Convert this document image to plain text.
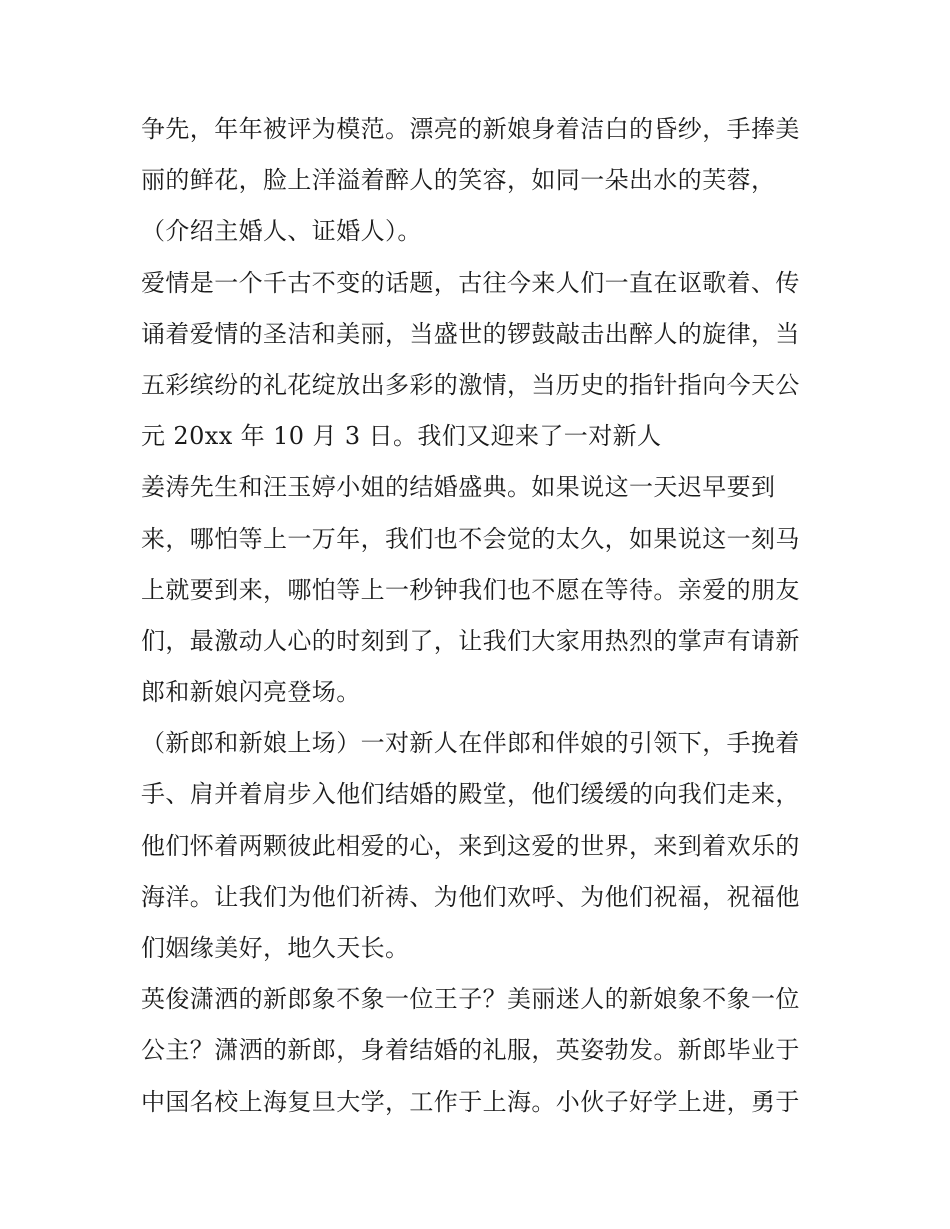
争先，年年被评为模范。漂亮的新娘身着洁白的昏纱，手捧美
丽的鲜花，脸上洋溢着醉人的笑容，如同一朵出水的芙蓉，
（介绍主婚人、证婚人）。
爱情是一个千古不变的话题，古往今来人们一直在讴歌着、传
诵着爱情的圣洁和美丽，当盛世的锣鼓敲击出醉人的旋律，当
五彩缤纷的礼花绽放出多彩的激情，当历史的指针指向今天公
元 20xx 年 10 月 3 日。我们又迎来了一对新人
姜涛先生和汪玉婷小姐的结婚盛典。如果说这一天迟早要到
来，哪怕等上一万年，我们也不会觉的太久，如果说这一刻马
上就要到来，哪怕等上一秒钟我们也不愿在等待。亲爱的朋友
们，最激动人心的时刻到了，让我们大家用热烈的掌声有请新
郎和新娘闪亮登场。
（新郎和新娘上场）一对新人在伴郎和伴娘的引领下，手挽着
手、肩并着肩步入他们结婚的殿堂，他们缓缓的向我们走来，
他们怀着两颗彼此相爱的心，来到这爱的世界，来到着欢乐的
海洋。让我们为他们祈祷、为他们欢呼、为他们祝福，祝福他
们姻缘美好，地久天长。
英俊潇洒的新郎象不象一位王子？美丽迷人的新娘象不象一位
公主？潇洒的新郎，身着结婚的礼服，英姿勃发。新郎毕业于
中国名校上海复旦大学，工作于上海。小伙子好学上进，勇于
